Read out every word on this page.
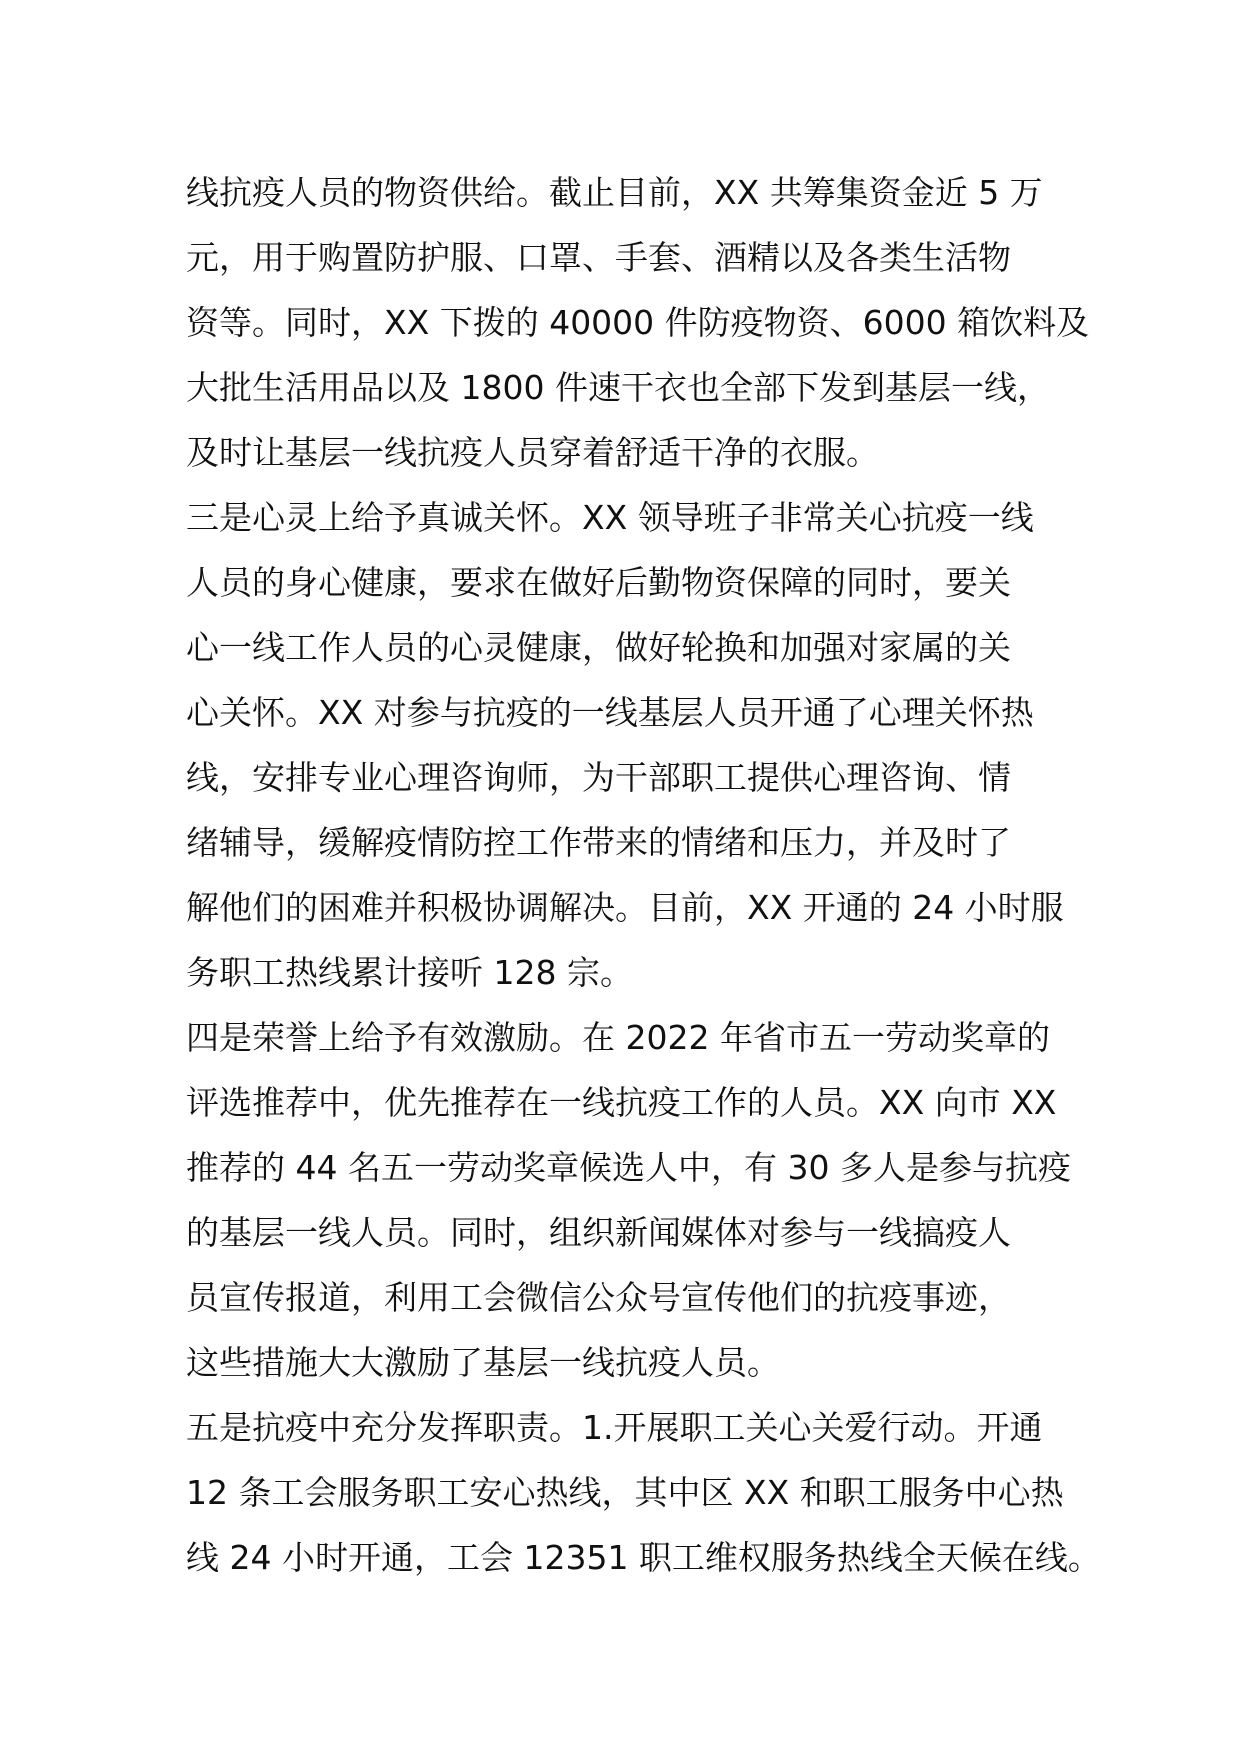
线抗疫人员的物资供给。截止目前，XX 共筹集资金近 5 万
元，用于购置防护服、口罩、手套、酒精以及各类生活物
资等。同时，XX 下拨的 40000 件防疫物资、6000 箱饮料及
大批生活用品以及 1800 件速干衣也全部下发到基层一线，
及时让基层一线抗疫人员穿着舒适干净的衣服。
三是心灵上给予真诚关怀。XX 领导班子非常关心抗疫一线
人员的身心健康，要求在做好后勤物资保障的同时，要关
心一线工作人员的心灵健康，做好轮换和加强对家属的关
心关怀。XX 对参与抗疫的一线基层人员开通了心理关怀热
线，安排专业心理咨询师，为干部职工提供心理咨询、情
绪辅导，缓解疫情防控工作带来的情绪和压力，并及时了
解他们的困难并积极协调解决。目前，XX 开通的 24 小时服
务职工热线累计接听 128 宗。
四是荣誉上给予有效激励。在 2022 年省市五一劳动奖章的
评选推荐中，优先推荐在一线抗疫工作的人员。XX 向市 XX
推荐的 44 名五一劳动奖章候选人中，有 30 多人是参与抗疫
的基层一线人员。同时，组织新闻媒体对参与一线搞疫人
员宣传报道，利用工会微信公众号宣传他们的抗疫事迹，
这些措施大大激励了基层一线抗疫人员。
五是抗疫中充分发挥职责。1.开展职工关心关爱行动。开通
12 条工会服务职工安心热线，其中区 XX 和职工服务中心热
线 24 小时开通，工会 12351 职工维权服务热线全天候在线。
